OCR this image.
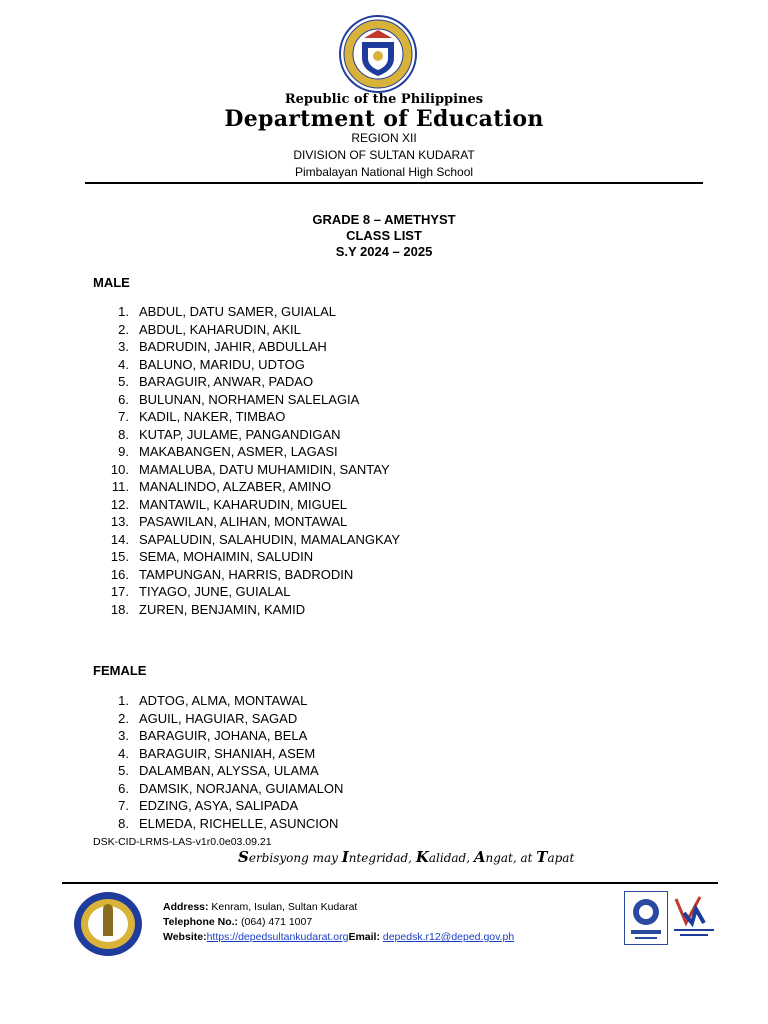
Republic of the Philippines
Department of Education
REGION XII
DIVISION OF SULTAN KUDARAT
Pimbalayan National High School
GRADE 8 – AMETHYST
CLASS LIST
S.Y 2024 – 2025
MALE
1. ABDUL, DATU SAMER, GUIALAL
2. ABDUL, KAHARUDIN, AKIL
3. BADRUDIN, JAHIR, ABDULLAH
4. BALUNO, MARIDU, UDTOG
5. BARAGUIR, ANWAR, PADAO
6. BULUNAN, NORHAMEN SALELAGIA
7. KADIL, NAKER, TIMBAO
8. KUTAP, JULAME, PANGANDIGAN
9. MAKABANGEN, ASMER, LAGASI
10. MAMALUBA, DATU MUHAMIDIN, SANTAY
11. MANALINDO, ALZABER, AMINO
12. MANTAWIL, KAHARUDIN, MIGUEL
13. PASAWILAN, ALIHAN, MONTAWAL
14. SAPALUDIN, SALAHUDIN, MAMALANGKAY
15. SEMA, MOHAIMIN, SALUDIN
16. TAMPUNGAN, HARRIS, BADRODIN
17. TIYAGO, JUNE, GUIALAL
18. ZUREN, BENJAMIN, KAMID
FEMALE
1. ADTOG, ALMA, MONTAWAL
2. AGUIL, HAGUIAR, SAGAD
3. BARAGUIR, JOHANA, BELA
4. BARAGUIR, SHANIAH, ASEM
5. DALAMBAN, ALYSSA, ULAMA
6. DAMSIK, NORJANA, GUIAMALON
7. EDZING, ASYA, SALIPADA
8. ELMEDA, RICHELLE, ASUNCION
DSK-CID-LRMS-LAS-v1r0.0e03.09.21
Serbisyong may Integridad, Kalidad, Angat, at Tapat
Address: Kenram, Isulan, Sultan Kudarat
Telephone No.: (064) 471 1007
Website:https://depedsultankudarat.orgEmail: depedsk.r12@deped.gov.ph
